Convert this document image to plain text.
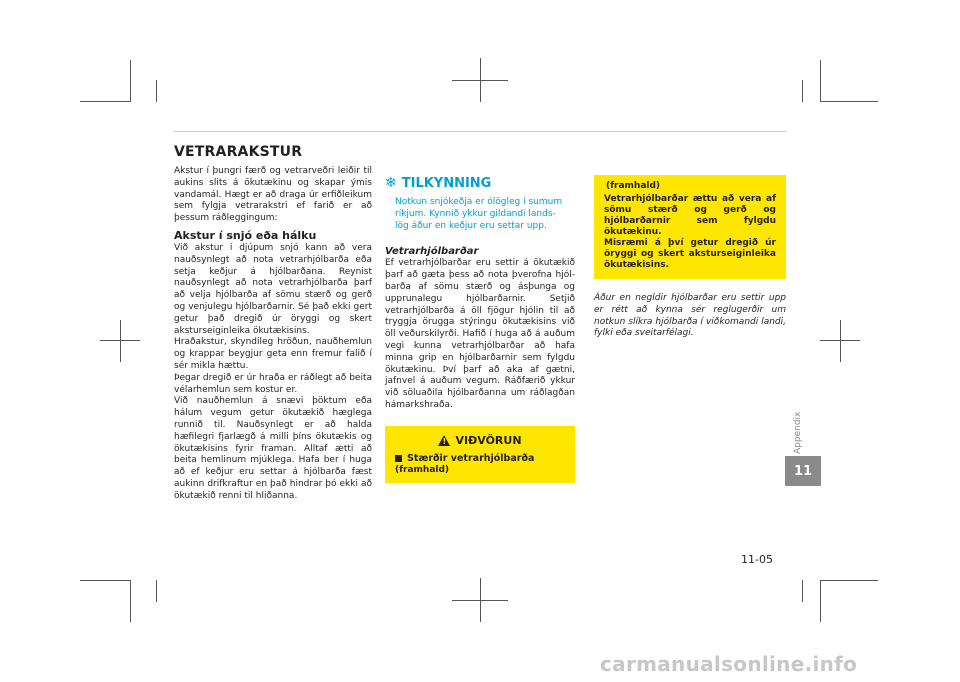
VETRARAKSTUR

Akstur í þungri færð og vetrarveðri leiðir til aukins slits á ökutækinu og skapar ýmis vandamál. Hægt er að draga úr erfiðleikum sem fylgja vetrarakstri ef farið er að þessum ráðleggingum:

Akstur í snjó eða hálku

Við akstur í djúpum snjó kann að vera nauðsynlegt að nota vetrarhjólbarða eða setja keðjur á hjólbarðana. Reynist nauðsynlegt að nota vetrarhjólbarða þarf að velja hjólbarða af sömu stærð og gerð og venjulegu hjólbarðarnir. Sé það ekki gert getur það dregið úr öryggi og skert aksturseiginleika ökutækisins.

Hraðakstur, skyndileg hröðun, nauðhemlun og krappar beygjur geta enn fremur falið í sér mikla hættu.

Þegar dregið er úr hraða er ráðlegt að beita vélarhemlun sem kostur er.

Við nauðhemlun á snævi þöktum eða hálum vegum getur ökutækið hæglega runnið til. Nauðsynlegt er að halda hæfilegri fjarlægð á milli þíns ökutækis og ökutækisins fyrir framan. Alltaf ætti að beita hemlinum mjúklega. Hafa ber í huga að ef keðjur eru settar á hjólbarða fæst aukinn drifkraftur en það hindrar þó ekki að ökutækið renni til hliðanna.

❄ TILKYNNING
Notkun snjókeðja er ólögleg í sumum ríkjum. Kynnið ykkur gildandi lands-lög áður en keðjur eru settar upp.
Vetrarhjólbarðar

Ef vetrarhjólbarðar eru settir á ökutækið þarf að gæta þess að nota þverofna hjól- barða af sömu stærð og ásþunga og upprunalegu hjólbarðarnir. Setjið vetrarhjólbarða á öll fjögur hjólin til að tryggja örugga stýringu ökutækisins við öll veðurskilyrði. Hafið í huga að á auðum vegi kunna vetrarhjólbarðar að hafa minna grip en hjólbarðarnir sem fylgdu ökutækinu. Því þarf að aka af gætni, jafnvel á auðum vegum. Ráðfærið ykkur við söluaðila hjólbarðanna um ráðlagðan hámarkshraða.

! VIÐVÖRUN
Stærðir vetrarhjólbarða
(framhald)
(framhald)

Vetrarhjólbarðar ættu að vera af sömu stærð og gerð og hjólbarðarnir sem fylgdu ökutækinu.

Misræmi á því getur dregið úr öryggi og skert aksturseiginleika ökutækisins.

Áður en negldir hjólbarðar eru settir upp er rétt að kynna sér reglugerðir um notkun slíkra hjólbarða í viðkomandi landi, fylki eða sveitarfélagi.

Appendix
11
11-05
carmanualsonline.info
